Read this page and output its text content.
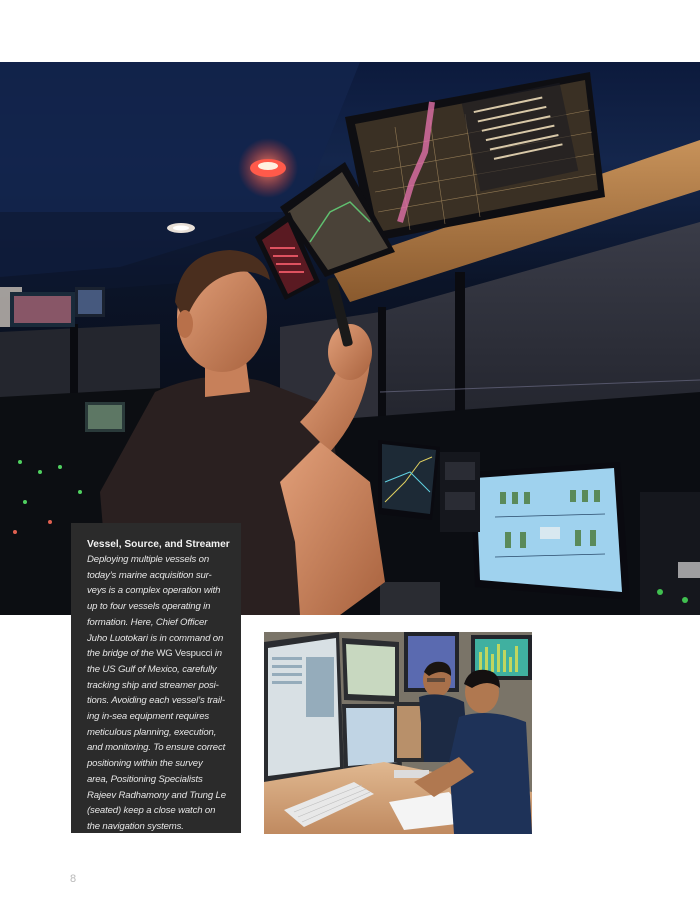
Vessel, Source, and Streamer
Deploying multiple vessels on
today’s marine acquisition sur-
veys is a complex operation with
up to four vessels operating in
formation. Here, Chief Officer
Juho Luotokari is in command on
the bridge of the WG Vespucci in
the US Gulf of Mexico, carefully
tracking ship and streamer posi-
tions. Avoiding each vessel’s trail-
ing in-sea equipment requires
meticulous planning, execution,
and monitoring. To ensure correct
positioning within the survey
area, Positioning Specialists
Rajeev Radhamony and Trung Le
(seated) keep a close watch on
the navigation systems.
8
